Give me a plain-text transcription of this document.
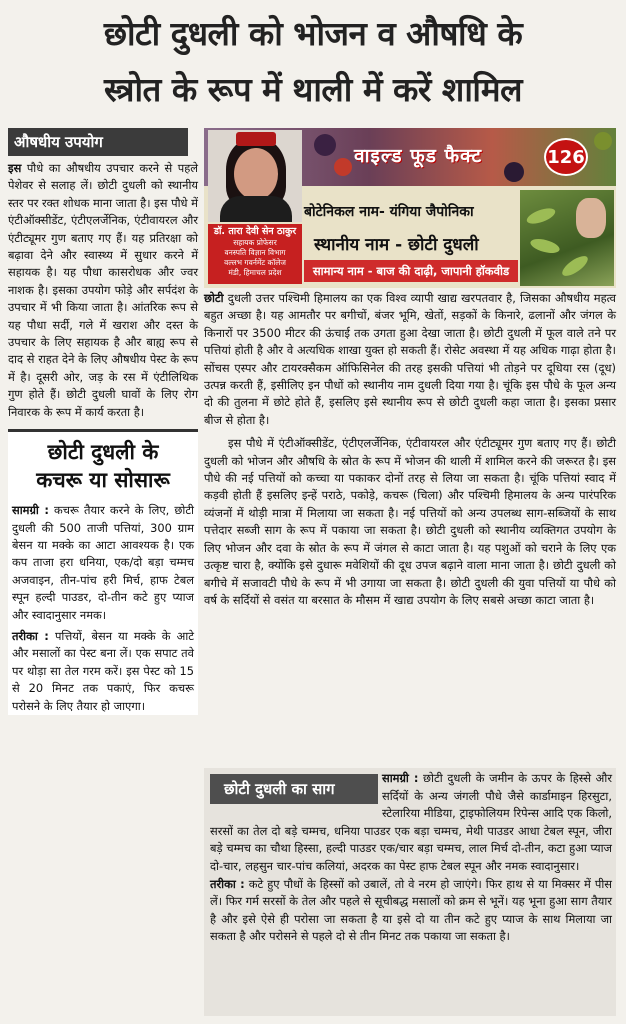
छोटी दुधली को भोजन व औषधि के
स्त्रोत के रूप में थाली में करें शामिल
औषधीय उपयोग
इस पौधे का औषधीय उपचार करने से पहले पेशेवर से सलाह लें। छोटी दुधली को स्थानीय स्तर पर रक्त शोधक माना जाता है। इस पौधे में एंटीऑक्सीडेंट, एंटीएलर्जेनिक, एंटीवायरल और एंटीट्यूमर गुण बताए गए हैं। यह प्रतिरक्षा को बढ़ावा देने और स्वास्थ्य में सुधार करने में सहायक है। यह पौधा कासरोधक और ज्वर नाशक है। इसका उपयोग फोड़े और सर्पदंश के उपचार में भी किया जाता है। आंतरिक रूप से यह पौधा सर्दी, गले में खराश और दस्त के उपचार के लिए सहायक है और बाह्य रूप से दाद से राहत देने के लिए औषधीय पेस्ट के रूप में है। दूसरी ओर, जड़ के रस में एंटीलिथिक गुण होते हैं। छोटी दुधली घावों के लिए रोग निवारक के रूप में कार्य करता है।
छोटी दुधली के
कचरू या सोसारू
सामग्री : कचरू तैयार करने के लिए, छोटी दुधली की 500 ताजी पत्तियां, 300 ग्राम बेसन या मक्के का आटा आवश्यक है। एक कप ताजा हरा धनिया, एक/दो बड़ा चम्मच अजवाइन, तीन-पांच हरी मिर्च, हाफ टेबल स्पून हल्दी पाउडर, दो-तीन कटे हुए प्याज और स्वादानुसार नमक।
तरीका : पत्तियों, बेसन या मक्के के आटे और मसालों का पेस्ट बना लें। एक सपाट तवे पर थोड़ा सा तेल गरम करें। इस पेस्ट को 15 से 20 मिनट तक पकाएं, फिर कचरू परोसने के लिए तैयार हो जाएगा।
वाइल्ड फूड फैक्ट	126
डॉ. तारा देवी सेन ठाकुर
सहायक प्रोफेसर
वनस्पति विज्ञान विभाग
वल्लभ गवर्नमेंट कॉलेज
मंडी, हिमाचल प्रदेश
बोटेनिकल नाम- यंगिया जैपोनिका
स्थानीय नाम - छोटी दुधली
सामान्य नाम - बाज की दाढ़ी, जापानी हॉकवीड

छोटी दुधली उत्तर पश्चिमी हिमालय का एक विश्व व्यापी खाद्य खरपतवार है, जिसका औषधीय महत्व बहुत अच्छा है। यह आमतौर पर बगीचों, बंजर भूमि, खेतों, सड़कों के किनारे, ढलानों और जंगल के किनारों पर 3500 मीटर की ऊंचाई तक उगता हुआ देखा जाता है। छोटी दुधली में फूल वाले तने पर पत्तियां होती है और वे अत्यधिक शाखा युक्त हो सकती हैं। रोसेट अवस्था में यह अधिक गाढ़ा होता है। सोंचस एस्पर और टायरक्सैकम ऑफिसिनेल की तरह इसकी पत्तियां भी तोड़ने पर दूधिया रस (दूध) उत्पन्न करती हैं, इसीलिए इन पौधों को स्थानीय नाम दुधली दिया गया है। चूंकि इस पौधे के फूल अन्य दो की तुलना में छोटे होते हैं, इसलिए इसे स्थानीय रूप से छोटी दुधली कहा जाता है। इसका प्रसार बीज से होता है।

इस पौधे में एंटीऑक्सीडेंट, एंटीएलर्जेनिक, एंटीवायरल और एंटीट्यूमर गुण बताए गए हैं। छोटी दुधली को भोजन और औषधि के स्रोत के रूप में भोजन की थाली में शामिल करने की जरूरत है। इस पौधे की नई पत्तियों को कच्चा या पकाकर दोनों तरह से लिया जा सकता है। चूंकि पत्तियां स्वाद में कड़वी होती हैं इसलिए इन्हें पराठे, पकोड़े, कचरू (चिला) और पश्चिमी हिमालय के अन्य पारंपरिक व्यंजनों में थोड़ी मात्रा में मिलाया जा सकता है। नई पत्तियों को अन्य उपलब्ध साग-सब्जियों के साथ पत्तेदार सब्जी साग के रूप में पकाया जा सकता है। छोटी दुधली को स्थानीय व्यक्तिगत उपयोग के लिए भोजन और दवा के स्रोत के रूप में जंगल से काटा जाता है। यह पशुओं को चराने के लिए एक उत्कृष्ट चारा है, क्योंकि इसे दुधारू मवेशियों की दूध उपज बढ़ाने वाला माना जाता है। छोटी दुधली को बगीचे में सजावटी पौधे के रूप में भी उगाया जा सकता है। छोटी दुधली की युवा पत्तियों या पौधे को वर्ष के सर्दियों से वसंत या बरसात के मौसम में खाद्य उपयोग के लिए सबसे अच्छा काटा जाता है।

सामग्री : छोटी दुधली के जमीन के ऊपर के हिस्से और सर्दियों के अन्य जंगली पौधे जैसे कार्डामाइन हिरसुटा, स्टेलारिया मीडिया, ट्राइफोलियम रिपेन्स आदि एक किलो, सरसों का तेल दो बड़े चम्मच, धनिया पाउडर एक बड़ा चम्मच, मेथी पाउडर आधा टेबल स्पून, जीरा बड़े चम्मच का चौथा हिस्सा, हल्दी पाउडर एक/चार बड़ा चम्मच, लाल मिर्च दो-तीन, कटा हुआ प्याज दो-चार, लहसुन चार-पांच कलियां, अदरक का पेस्ट हाफ टेबल स्पून और नमक स्वादानुसार।
तरीका : कटे हुए पौधों के हिस्सों को उबालें, तो वे नरम हो जाएंगे। फिर हाथ से या मिक्सर में पीस लें। फिर गर्म सरसों के तेल और पहले से सूचीबद्ध मसालों को क्रम से भूनें। यह भूना हुआ साग तैयार है और इसे ऐसे ही परोसा जा सकता है या इसे दो या तीन कटे हुए प्याज के साथ मिलाया जा सकता है और परोसने से पहले दो से तीन मिनट तक पकाया जा सकता है।
छोटी दुधली का साग
